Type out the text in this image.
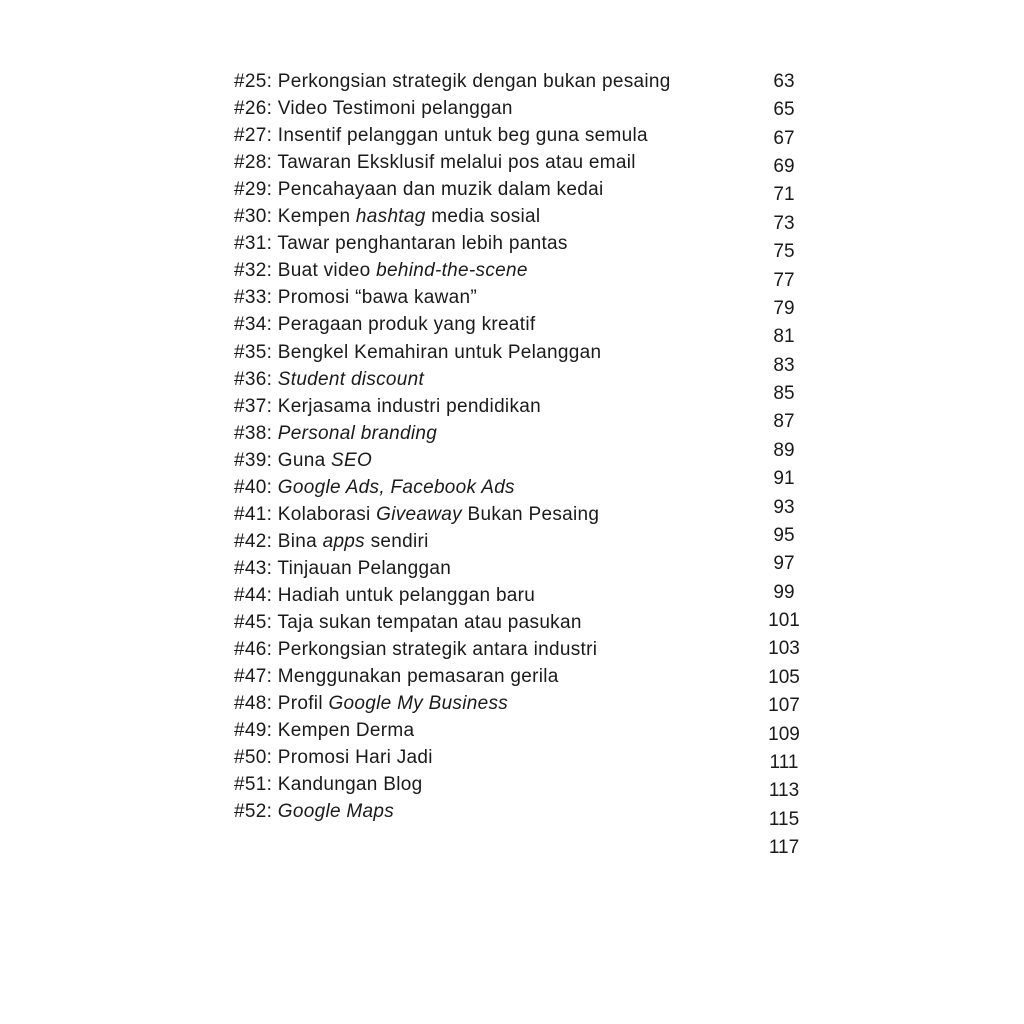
#25: Perkongsian strategik dengan bukan pesaing
#26: Video Testimoni pelanggan
#27: Insentif pelanggan untuk beg guna semula
#28: Tawaran Eksklusif melalui pos atau email
#29: Pencahayaan dan muzik dalam kedai
#30: Kempen hashtag media sosial
#31: Tawar penghantaran lebih pantas
#32: Buat video behind-the-scene
#33: Promosi “bawa kawan”
#34: Peragaan produk yang kreatif
#35: Bengkel Kemahiran untuk Pelanggan
#36: Student discount
#37: Kerjasama industri pendidikan
#38: Personal branding
#39: Guna SEO
#40: Google Ads, Facebook Ads
#41: Kolaborasi Giveaway Bukan Pesaing
#42: Bina apps sendiri
#43: Tinjauan Pelanggan
#44: Hadiah untuk pelanggan baru
#45: Taja sukan tempatan atau pasukan
#46: Perkongsian strategik antara industri
#47: Menggunakan pemasaran gerila
#48: Profil Google My Business
#49: Kempen Derma
#50: Promosi Hari Jadi
#51: Kandungan Blog
#52: Google Maps
63
65
67
69
71
73
75
77
79
81
83
85
87
89
91
93
95
97
99
101
103
105
107
109
111
113
115
117
